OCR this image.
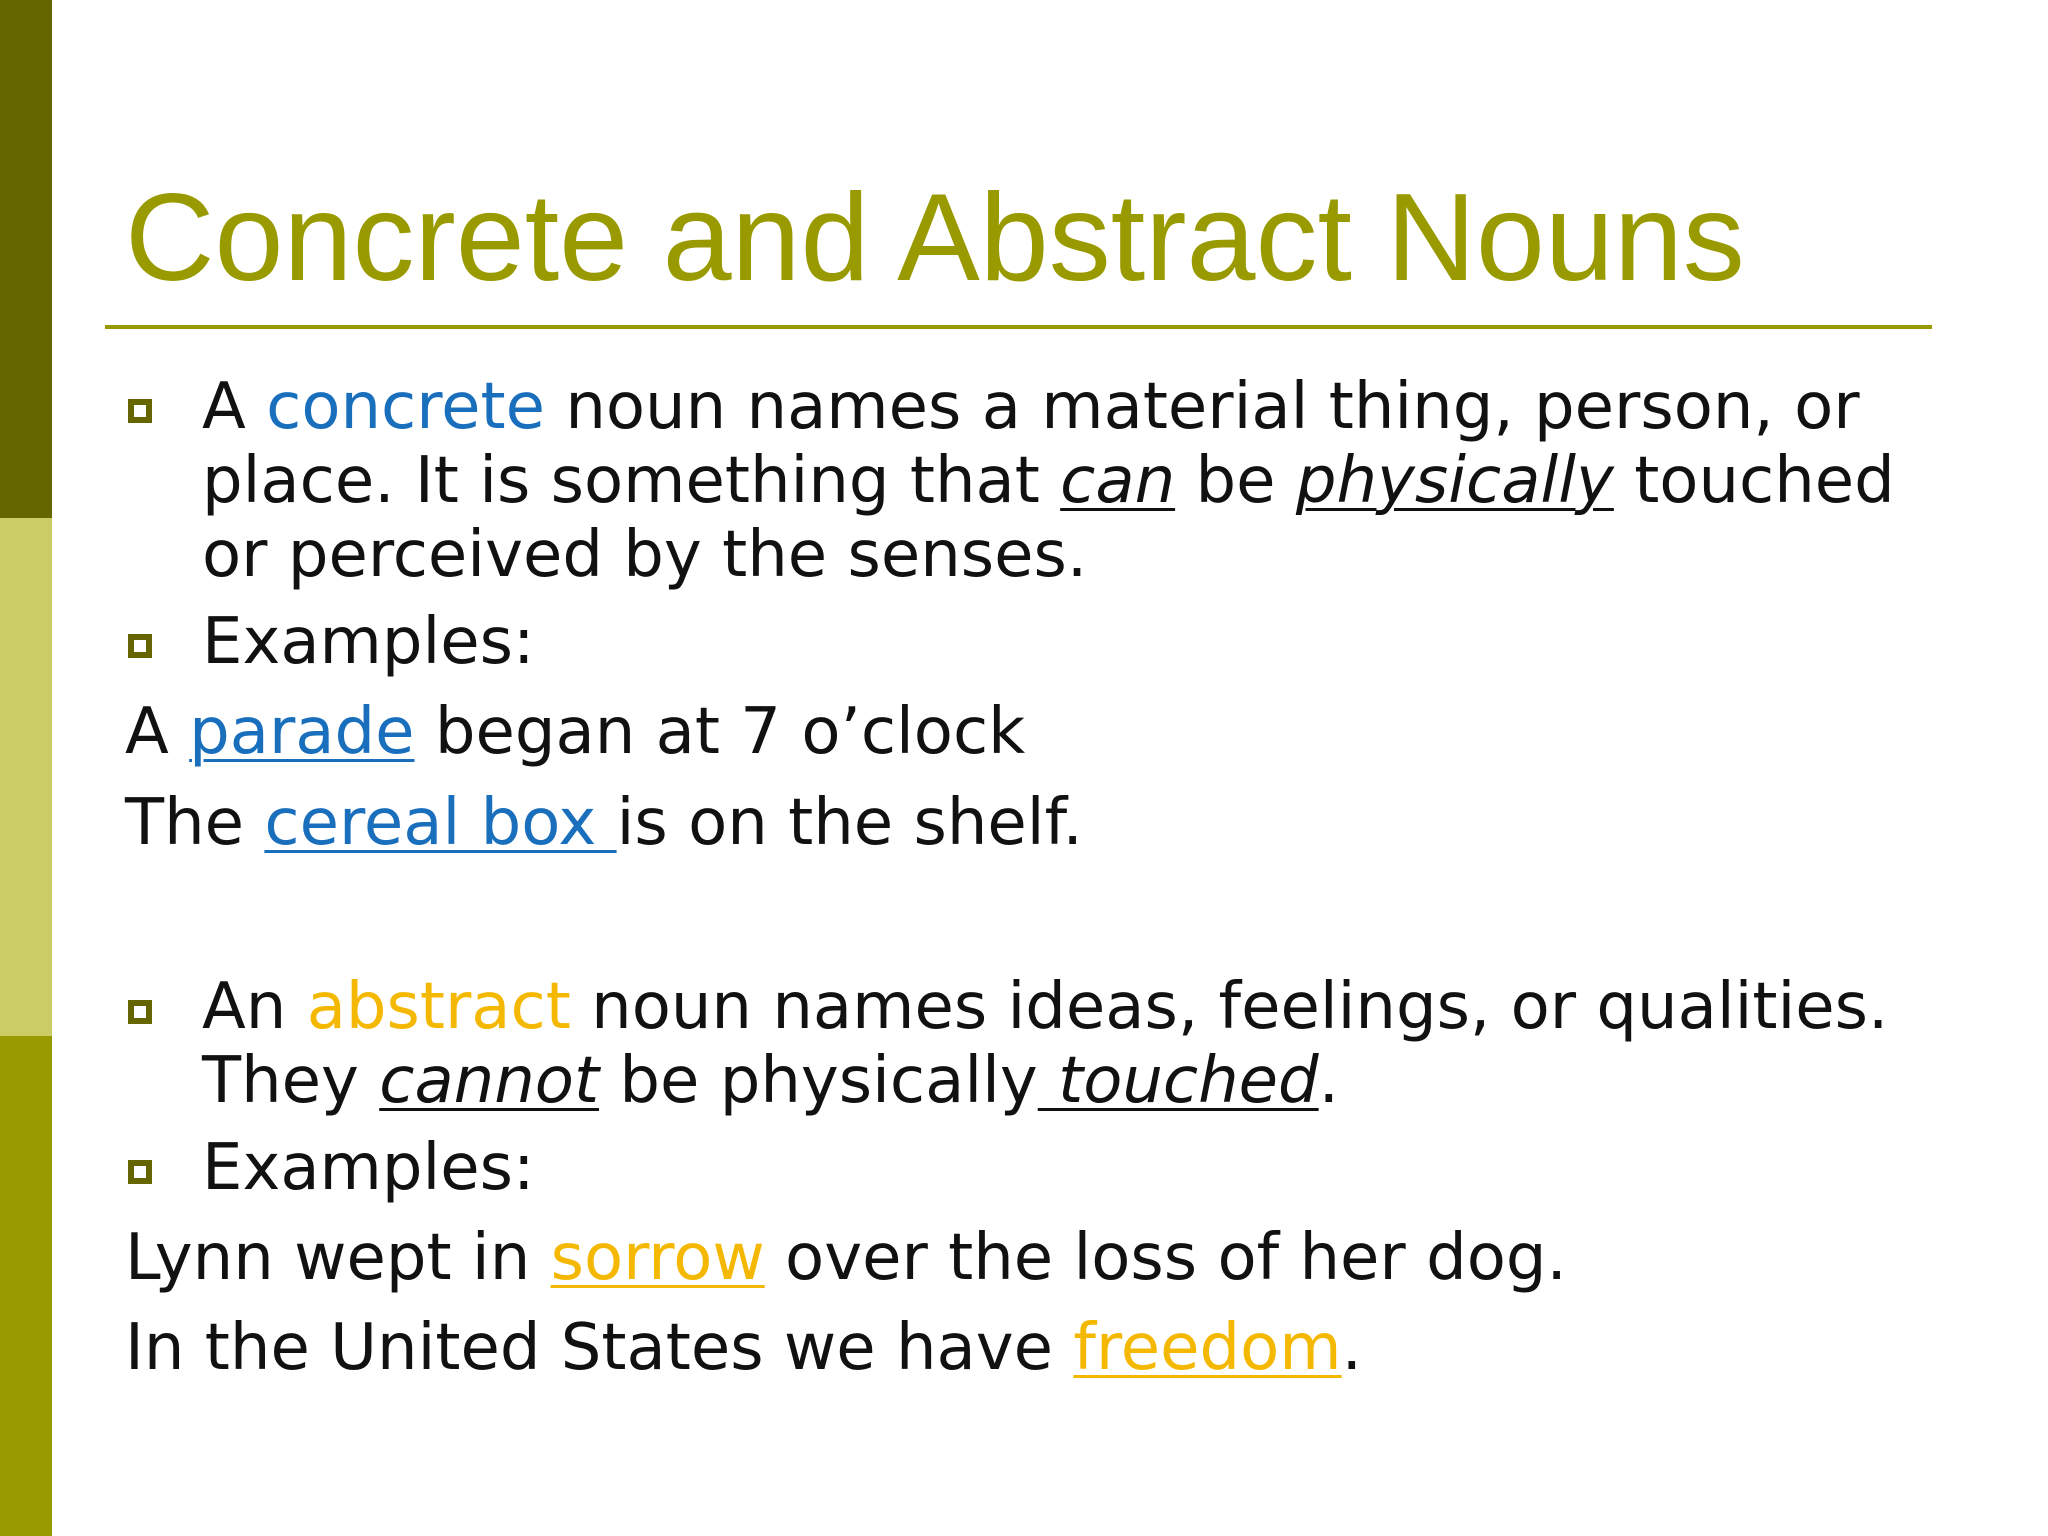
Concrete and Abstract Nouns

A concrete noun names a material thing, person, or place. It is something that can be physically touched or perceived by the senses.

Examples:

A parade began at 7 o’clock

The cereal box is on the shelf.

An abstract noun names ideas, feelings, or qualities. They cannot be physically touched.

Examples:

Lynn wept in sorrow over the loss of her dog.

In the United States we have freedom.
